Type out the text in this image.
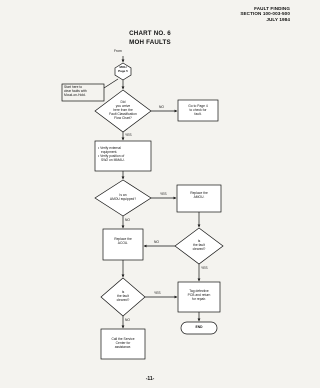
FAULT FINDING
SECTION 100-003-500
JULY 1984
CHART NO. 6
MOH FAULTS
From
MOH
Page 5
Start here to
clear faults with
Moud-on-Hold.
Did
you arrive
here from the
Fault Classification
Flow Chart?
Go to Page 4
to check for
fault.
• Verify external
equipment.
• Verify position of
SW2 on MMAU.
Is an
AMOU equipped?
Replace the
AMOU.
Is
the fault
cleared?
Replace the
ACOU.
Is
the fault
cleared?
Tag defective
PCB and return
for repair.
Call the Service
Center for
assistance.
END
NO
YES
YES
NO
NO
YES
YES
NO
-11-
